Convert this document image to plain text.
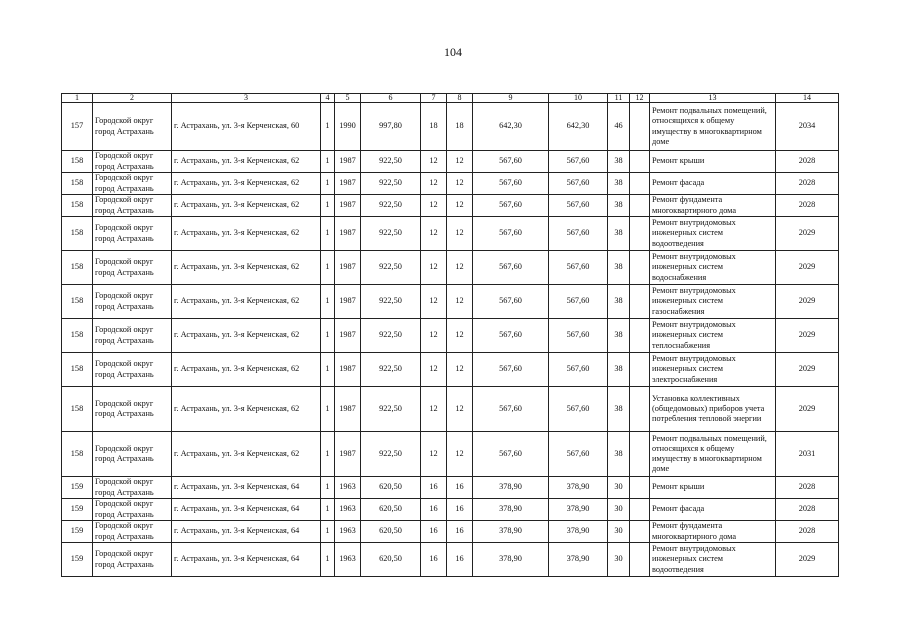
104
1	2	3	4	5	6	7	8	9	10	11	12	13	14
157	Городской округ город Астрахань	г. Астрахань, ул. 3-я Керченская, 60	1	1990	997,80	18	18	642,30	642,30	46		Ремонт подвальных помещений, относящихся к общему имуществу в многоквартирном доме	2034
158	Городской округ город Астрахань	г. Астрахань, ул. 3-я Керченская, 62	1	1987	922,50	12	12	567,60	567,60	38		Ремонт крыши	2028
158	Городской округ город Астрахань	г. Астрахань, ул. 3-я Керченская, 62	1	1987	922,50	12	12	567,60	567,60	38		Ремонт фасада	2028
158	Городской округ город Астрахань	г. Астрахань, ул. 3-я Керченская, 62	1	1987	922,50	12	12	567,60	567,60	38		Ремонт фундамента многоквартирного дома	2028
158	Городской округ город Астрахань	г. Астрахань, ул. 3-я Керченская, 62	1	1987	922,50	12	12	567,60	567,60	38		Ремонт внутридомовых инженерных систем водоотведения	2029
158	Городской округ город Астрахань	г. Астрахань, ул. 3-я Керченская, 62	1	1987	922,50	12	12	567,60	567,60	38		Ремонт внутридомовых инженерных систем водоснабжения	2029
158	Городской округ город Астрахань	г. Астрахань, ул. 3-я Керченская, 62	1	1987	922,50	12	12	567,60	567,60	38		Ремонт внутридомовых инженерных систем газоснабжения	2029
158	Городской округ город Астрахань	г. Астрахань, ул. 3-я Керченская, 62	1	1987	922,50	12	12	567,60	567,60	38		Ремонт внутридомовых инженерных систем теплоснабжения	2029
158	Городской округ город Астрахань	г. Астрахань, ул. 3-я Керченская, 62	1	1987	922,50	12	12	567,60	567,60	38		Ремонт внутридомовых инженерных систем электроснабжения	2029
158	Городской округ город Астрахань	г. Астрахань, ул. 3-я Керченская, 62	1	1987	922,50	12	12	567,60	567,60	38		Установка коллективных (общедомовых) приборов учета потребления тепловой энергии	2029
158	Городской округ город Астрахань	г. Астрахань, ул. 3-я Керченская, 62	1	1987	922,50	12	12	567,60	567,60	38		Ремонт подвальных помещений, относящихся к общему имуществу в многоквартирном доме	2031
159	Городской округ город Астрахань	г. Астрахань, ул. 3-я Керченская, 64	1	1963	620,50	16	16	378,90	378,90	30		Ремонт крыши	2028
159	Городской округ город Астрахань	г. Астрахань, ул. 3-я Керченская, 64	1	1963	620,50	16	16	378,90	378,90	30		Ремонт фасада	2028
159	Городской округ город Астрахань	г. Астрахань, ул. 3-я Керченская, 64	1	1963	620,50	16	16	378,90	378,90	30		Ремонт фундамента многоквартирного дома	2028
159	Городской округ город Астрахань	г. Астрахань, ул. 3-я Керченская, 64	1	1963	620,50	16	16	378,90	378,90	30		Ремонт внутридомовых инженерных систем водоотведения	2029
